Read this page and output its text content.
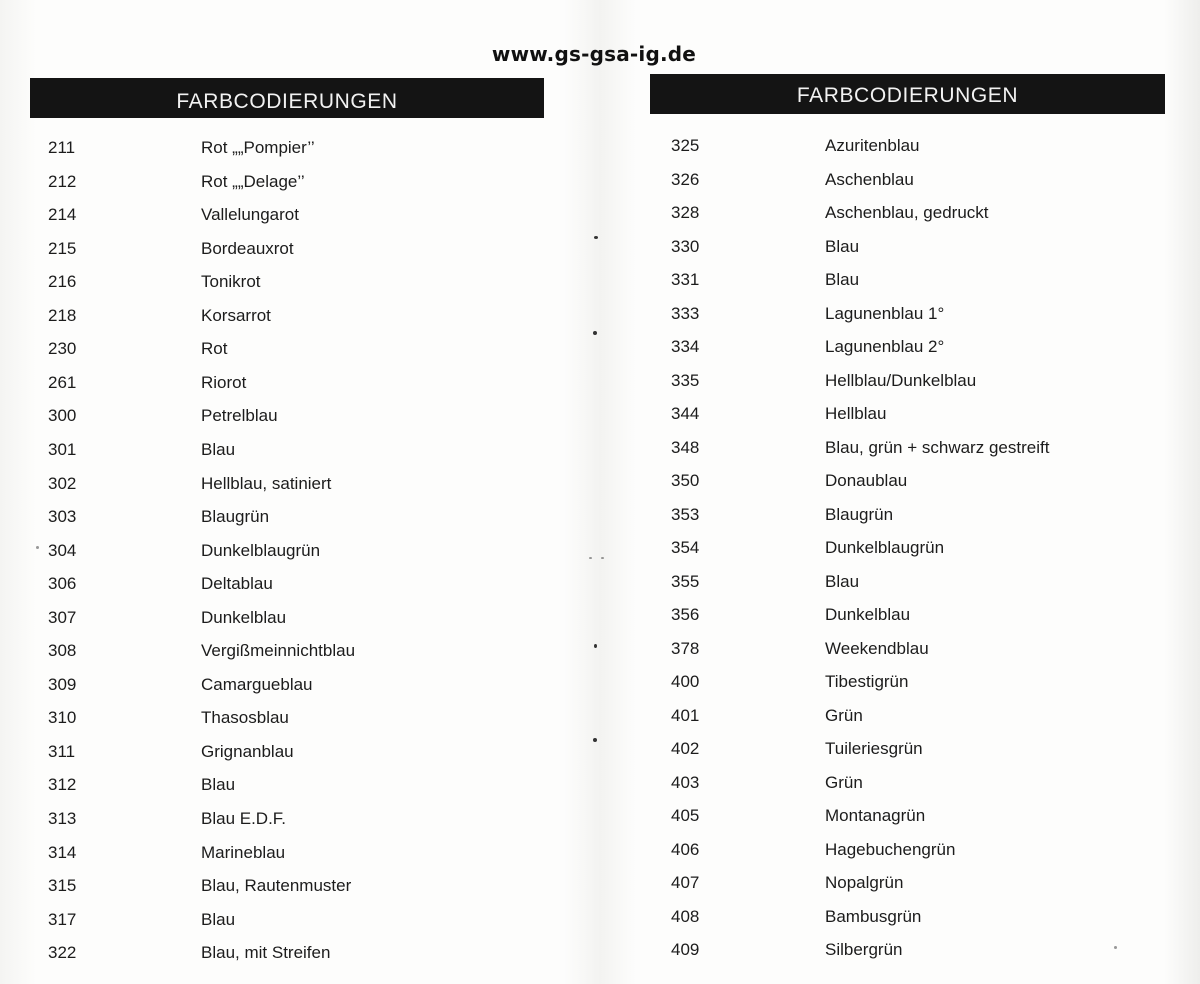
www.gs-gsa-ig.de
FARBCODIERUNGEN	FARBCODIERUNGEN
211	Rot „„Pompier’’
212	Rot „„Delage’’
214	Vallelungarot
215	Bordeauxrot
216	Tonikrot
218	Korsarrot
230	Rot
261	Riorot
300	Petrelblau
301	Blau
302	Hellblau, satiniert
303	Blaugrün
304	Dunkelblaugrün
306	Deltablau
307	Dunkelblau
308	Vergißmeinnichtblau
309	Camargueblau
310	Thasosblau
311	Grignanblau
312	Blau
313	Blau E.D.F.
314	Marineblau
315	Blau, Rautenmuster
317	Blau
322	Blau, mit Streifen
325	Azuritenblau
326	Aschenblau
328	Aschenblau, gedruckt
330	Blau
331	Blau
333	Lagunenblau 1°
334	Lagunenblau 2°
335	Hellblau/Dunkelblau
344	Hellblau
348	Blau, grün + schwarz gestreift
350	Donaublau
353	Blaugrün
354	Dunkelblaugrün
355	Blau
356	Dunkelblau
378	Weekendblau
400	Tibestigrün
401	Grün
402	Tuileriesgrün
403	Grün
405	Montanagrün
406	Hagebuchengrün
407	Nopalgrün
408	Bambusgrün
409	Silbergrün
